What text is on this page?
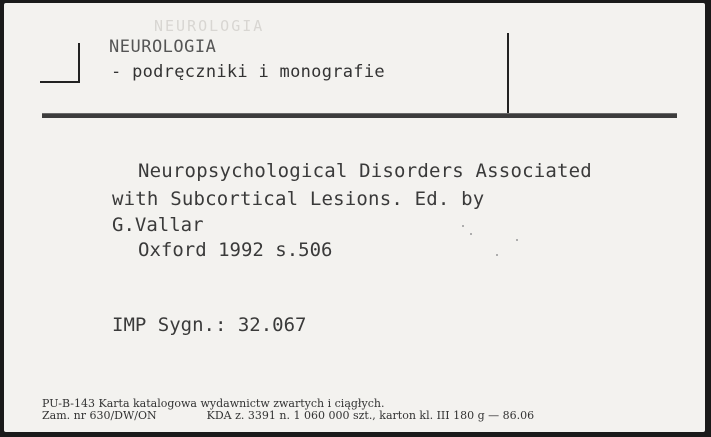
NEUROLOGIA
NEUROLOGIA
- podręczniki i monografie
Neuropsychological Disorders Associated
with Subcortical Lesions. Ed. by
G.Vallar
Oxford 1992 s.506
IMP Sygn.: 32.067
PU-B-143 Karta katalogowa wydawnictw zwartych i ciągłych.
Zam. nr 630/DW/ON	KDA z. 3391 n. 1 060 000 szt., karton kl. III 180 g — 86.06
